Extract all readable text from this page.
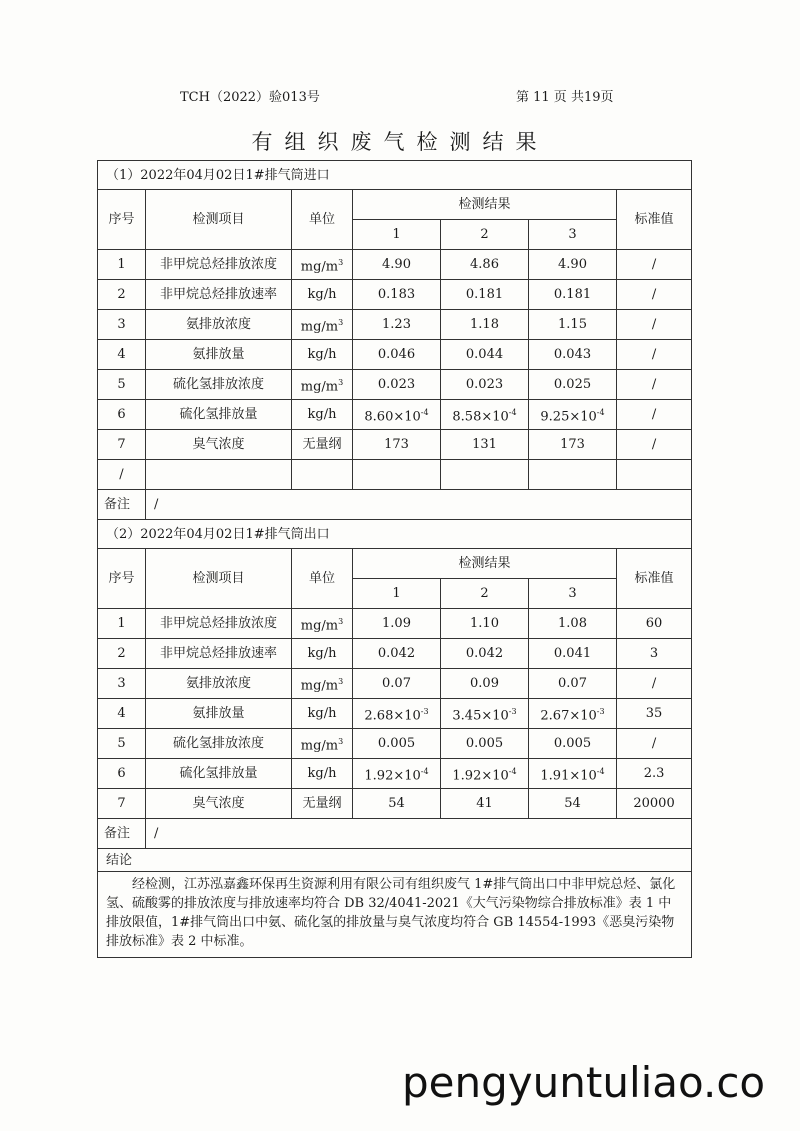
TCH（2022）验013号	第 11 页 共19页
有组织废气检测结果
（1）2022年04月02日1#排气筒进口						
序号	检测项目	单位	检测结果			标准值
			1	2	3	
1	非甲烷总烃排放浓度	$mg/m^3$	4.90	4.86	4.90	/
2	非甲烷总烃排放速率	kg/h	0.183	0.181	0.181	/
3	氨排放浓度	$mg/m^3$	1.23	1.18	1.15	/
4	氨排放量	kg/h	0.046	0.044	0.043	/
5	硫化氢排放浓度	$mg/m^3$	0.023	0.023	0.025	/
6	硫化氢排放量	kg/h	$8.60\times 10^{-4}$	$8.58\times 10^{-4}$	$9.25\times 10^{-4}$	/
7	臭气浓度	无量纲	173	131	173	/
/						
备注	/					
（2）2022年04月02日1#排气筒出口						
序号	检测项目	单位	检测结果			标准值
			1	2	3	
1	非甲烷总烃排放浓度	$mg/m^3$	1.09	1.10	1.08	60
2	非甲烷总烃排放速率	kg/h	0.042	0.042	0.041	3
3	氨排放浓度	$mg/m^3$	0.07	0.09	0.07	/
4	氨排放量	kg/h	$2.68\times 10^{-3}$	$3.45\times 10^{-3}$	$2.67\times 10^{-3}$	35
5	硫化氢排放浓度	$mg/m^3$	0.005	0.005	0.005	/
6	硫化氢排放量	kg/h	$1.92\times 10^{-4}$	$1.92\times 10^{-4}$	$1.91\times 10^{-4}$	2.3
7	臭气浓度	无量纲	54	41	54	20000
备注	/					
结论						
经检测，江苏泓嘉鑫环保再生资源利用有限公司有组织废气 1#排气筒出口中非甲烷总烃、氯化氢、硫酸雾的排放浓度与排放速率均符合 DB 32/4041-2021《大气污染物综合排放标准》表 1 中排放限值，1#排气筒出口中氨、硫化氢的排放量与臭气浓度均符合 GB 14554-1993《恶臭污染物排放标准》表 2 中标准。						
pengyuntuliao.co
